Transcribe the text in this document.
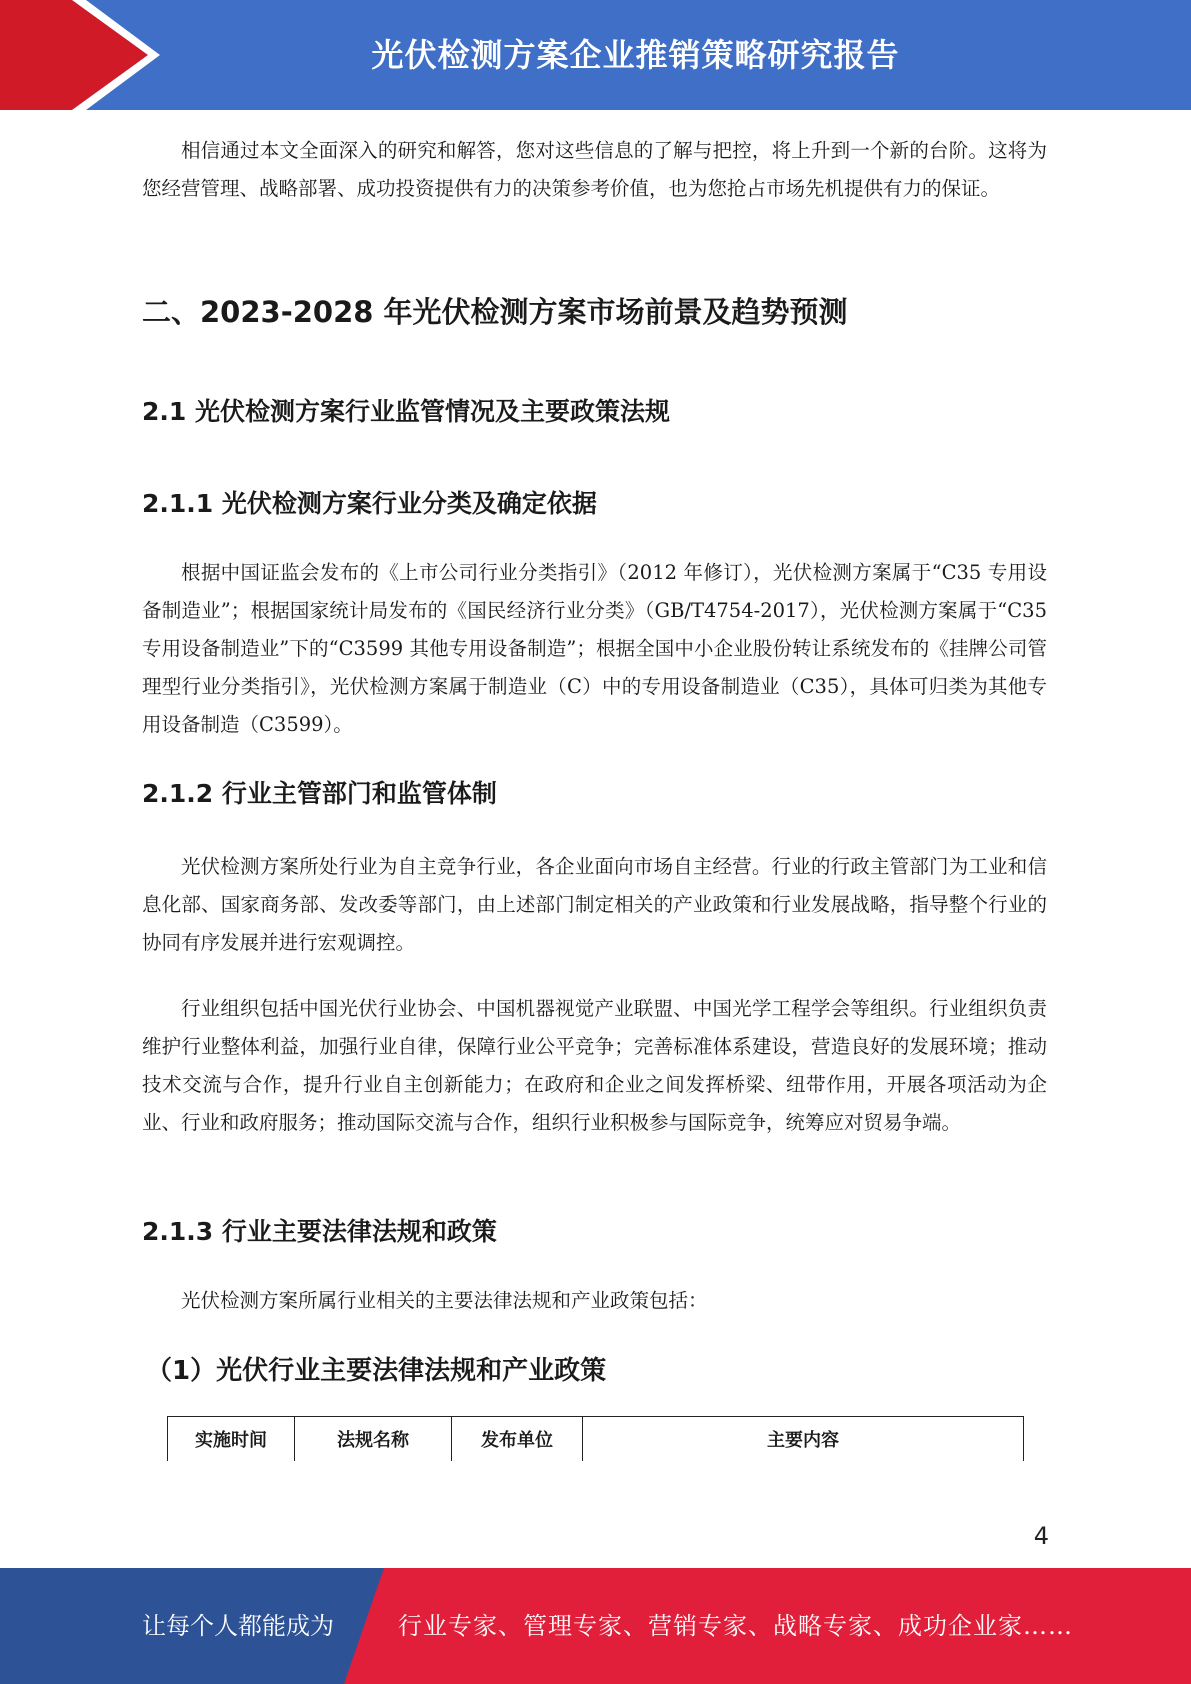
光伏检测方案企业推销策略研究报告

相信通过本文全面深入的研究和解答，您对这些信息的了解与把控，将上升到一个新的台阶。这将为您经营管理、战略部署、成功投资提供有力的决策参考价值，也为您抢占市场先机提供有力的保证。

二、2023-2028 年光伏检测方案市场前景及趋势预测
2.1 光伏检测方案行业监管情况及主要政策法规
2.1.1 光伏检测方案行业分类及确定依据

根据中国证监会发布的《上市公司行业分类指引》（2012 年修订），光伏检测方案属于“C35 专用设备制造业”；根据国家统计局发布的《国民经济行业分类》（GB/T4754-2017），光伏检测方案属于“C35 专用设备制造业”下的“C3599 其他专用设备制造”；根据全国中小企业股份转让系统发布的《挂牌公司管理型行业分类指引》，光伏检测方案属于制造业（C）中的专用设备制造业（C35），具体可归类为其他专用设备制造（C3599）。

2.1.2 行业主管部门和监管体制

光伏检测方案所处行业为自主竞争行业，各企业面向市场自主经营。行业的行政主管部门为工业和信息化部、国家商务部、发改委等部门，由上述部门制定相关的产业政策和行业发展战略，指导整个行业的协同有序发展并进行宏观调控。

行业组织包括中国光伏行业协会、中国机器视觉产业联盟、中国光学工程学会等组织。行业组织负责维护行业整体利益，加强行业自律，保障行业公平竞争；完善标准体系建设，营造良好的发展环境；推动技术交流与合作，提升行业自主创新能力；在政府和企业之间发挥桥梁、纽带作用，开展各项活动为企业、行业和政府服务；推动国际交流与合作，组织行业积极参与国际竞争，统筹应对贸易争端。

2.1.3 行业主要法律法规和政策

光伏检测方案所属行业相关的主要法律法规和产业政策包括：

（1）光伏行业主要法律法规和产业政策
实施时间	法规名称	发布单位	主要内容
4
让每个人都能成为	行业专家、管理专家、营销专家、战略专家、成功企业家……
